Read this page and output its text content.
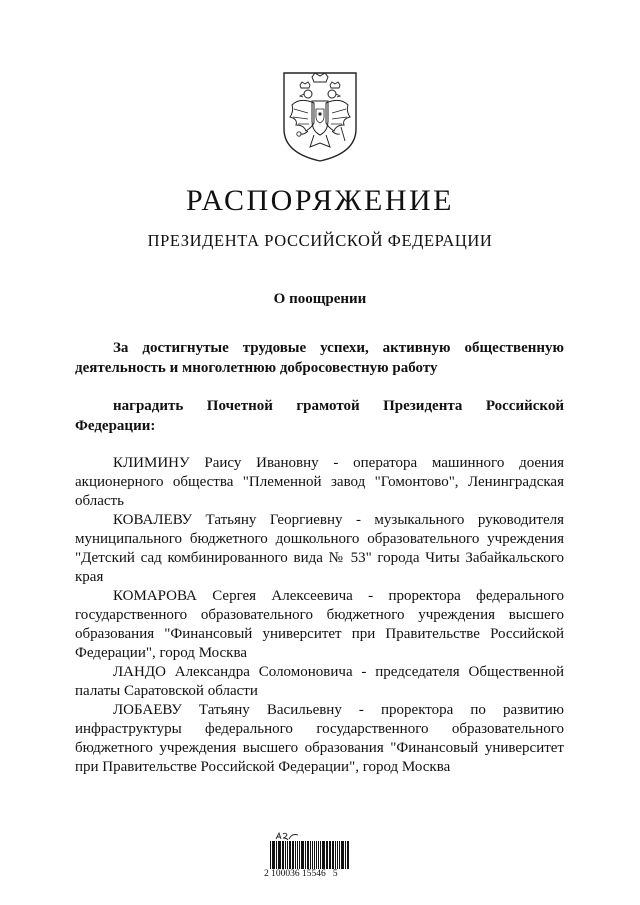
РАСПОРЯЖЕНИЕ
ПРЕЗИДЕНТА РОССИЙСКОЙ ФЕДЕРАЦИИ
О поощрении

За достигнутые трудовые успехи, активную общественную деятельность и многолетнюю добросовестную работу

наградить Почетной грамотой Президента Российской Федерации:

КЛИМИНУ Раису Ивановну - оператора машинного доения акционерного общества "Племенной завод "Гомонтово", Ленинградская область

КОВАЛЕВУ Татьяну Георгиевну - музыкального руководителя муниципального бюджетного дошкольного образовательного учреждения "Детский сад комбинированного вида № 53" города Читы Забайкальского края

КОМАРОВА Сергея Алексеевича - проректора федерального государственного образовательного бюджетного учреждения высшего образования "Финансовый университет при Правительстве Российской Федерации", город Москва

ЛАНДО Александра Соломоновича - председателя Общественной палаты Саратовской области

ЛОБАЕВУ Татьяну Васильевну - проректора по развитию инфраструктуры федерального государственного образовательного бюджетного учреждения высшего образования "Финансовый университет при Правительстве Российской Федерации", город Москва

2 100036 15546   5
